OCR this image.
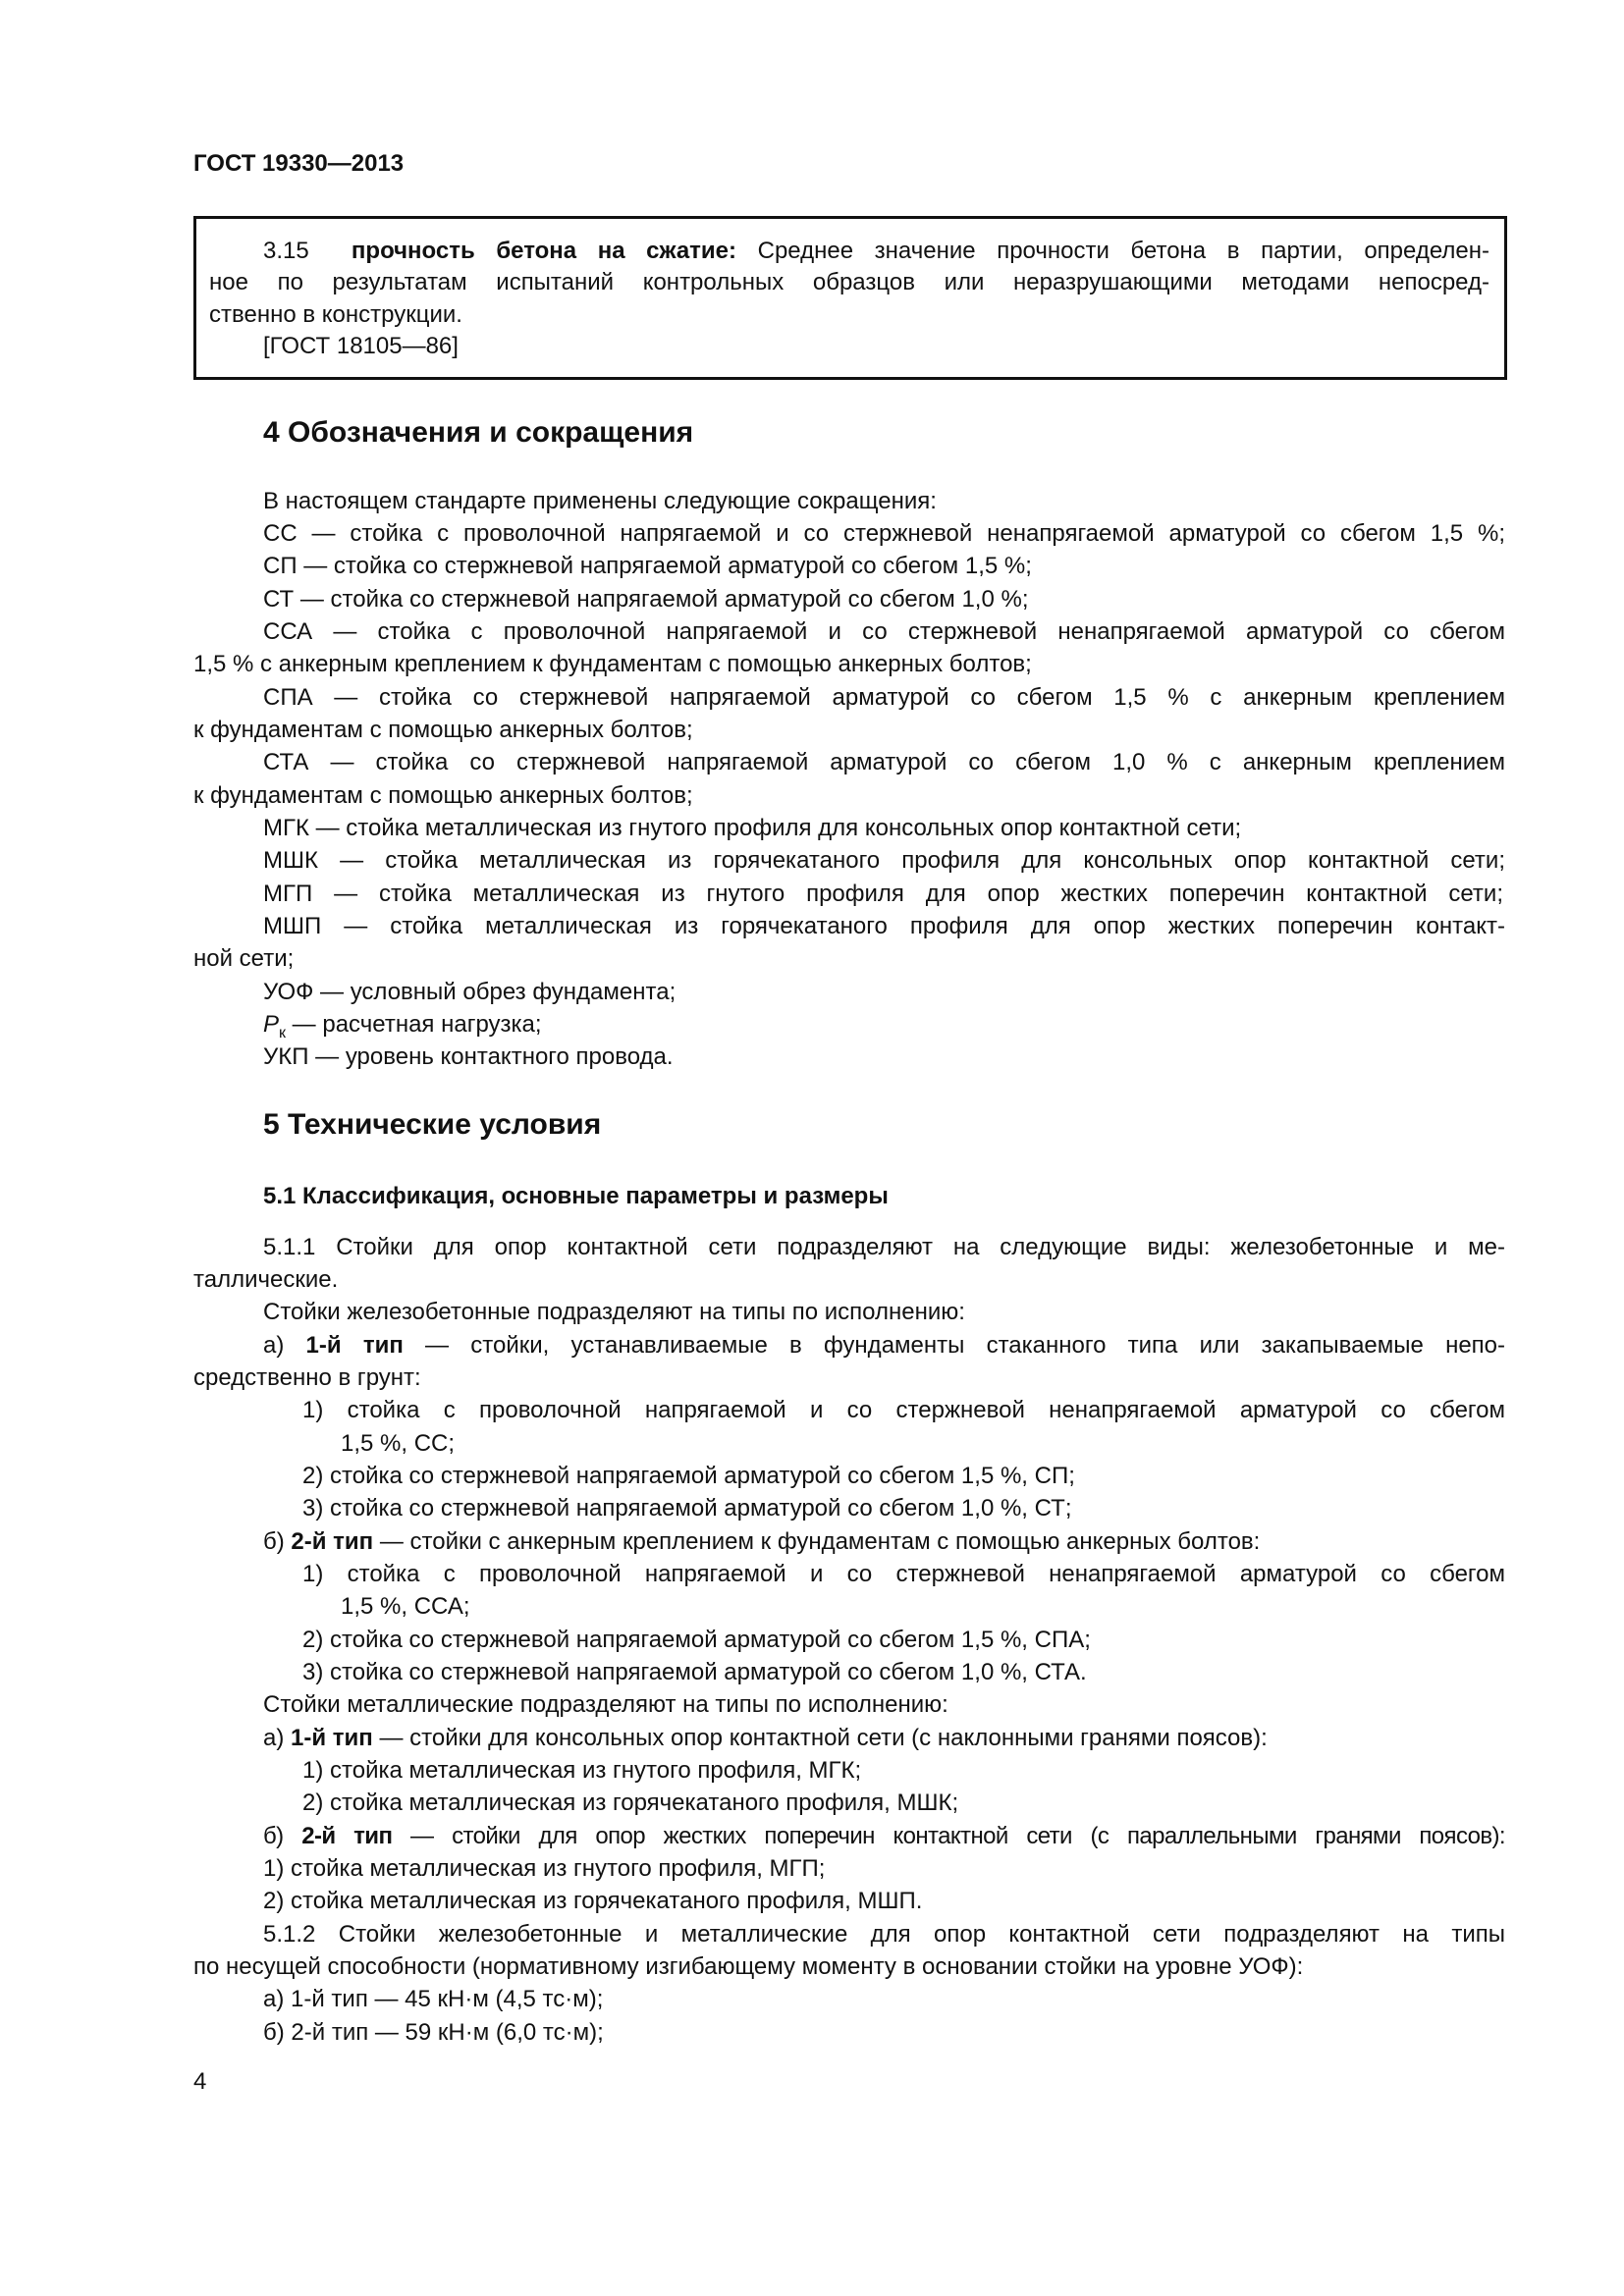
ГОСТ 19330—2013
3.15 прочность бетона на сжатие: Среднее значение прочности бетона в партии, определен-
ное по результатам испытаний контрольных образцов или неразрушающими методами непосред-
ственно в конструкции.
[ГОСТ 18105—86]
4 Обозначения и сокращения
В настоящем стандарте применены следующие сокращения:
СС — стойка с проволочной напрягаемой и со стержневой ненапрягаемой арматурой со сбегом 1,5 %;
СП — стойка со стержневой напрягаемой арматурой со сбегом 1,5 %;
СТ — стойка со стержневой напрягаемой арматурой со сбегом 1,0 %;
ССА — стойка с проволочной напрягаемой и со стержневой ненапрягаемой арматурой со сбегом
1,5 % с анкерным креплением к фундаментам с помощью анкерных болтов;
СПА — стойка со стержневой напрягаемой арматурой со сбегом 1,5 % с анкерным креплением
к фундаментам с помощью анкерных болтов;
СТА — стойка со стержневой напрягаемой арматурой со сбегом 1,0 % с анкерным креплением
к фундаментам с помощью анкерных болтов;
МГК — стойка металлическая из гнутого профиля для консольных опор контактной сети;
МШК — стойка металлическая из горячекатаного профиля для консольных опор контактной сети;
МГП — стойка металлическая из гнутого профиля для опор жестких поперечин контактной сети;
МШП — стойка металлическая из горячекатаного профиля для опор жестких поперечин контакт-
ной сети;
УОФ — условный обрез фундамента;
$P_к$ — расчетная нагрузка;
УКП — уровень контактного провода.
5 Технические условия
5.1 Классификация, основные параметры и размеры
5.1.1 Стойки для опор контактной сети подразделяют на следующие виды: железобетонные и ме-
таллические.
Стойки железобетонные подразделяют на типы по исполнению:
а) 1-й тип — стойки, устанавливаемые в фундаменты стаканного типа или закапываемые непо-
средственно в грунт:
1) стойка с проволочной напрягаемой и со стержневой ненапрягаемой арматурой со сбегом
1,5 %, СС;
2) стойка со стержневой напрягаемой арматурой со сбегом 1,5 %, СП;
3) стойка со стержневой напрягаемой арматурой со сбегом 1,0 %, СТ;
б) 2-й тип — стойки с анкерным креплением к фундаментам с помощью анкерных болтов:
1) стойка с проволочной напрягаемой и со стержневой ненапрягаемой арматурой со сбегом
1,5 %, ССА;
2) стойка со стержневой напрягаемой арматурой со сбегом 1,5 %, СПА;
3) стойка со стержневой напрягаемой арматурой со сбегом 1,0 %, СТА.
Стойки металлические подразделяют на типы по исполнению:
а) 1-й тип — стойки для консольных опор контактной сети (с наклонными гранями поясов):
1) стойка металлическая из гнутого профиля, МГК;
2) стойка металлическая из горячекатаного профиля, МШК;
б) 2-й тип — стойки для опор жестких поперечин контактной сети (с параллельными гранями поясов):
1) стойка металлическая из гнутого профиля, МГП;
2) стойка металлическая из горячекатаного профиля, МШП.
5.1.2 Стойки железобетонные и металлические для опор контактной сети подразделяют на типы
по несущей способности (нормативному изгибающему моменту в основании стойки на уровне УОФ):
а) 1-й тип — 45 кН·м (4,5 тс·м);
б) 2-й тип — 59 кН·м (6,0 тс·м);
4
